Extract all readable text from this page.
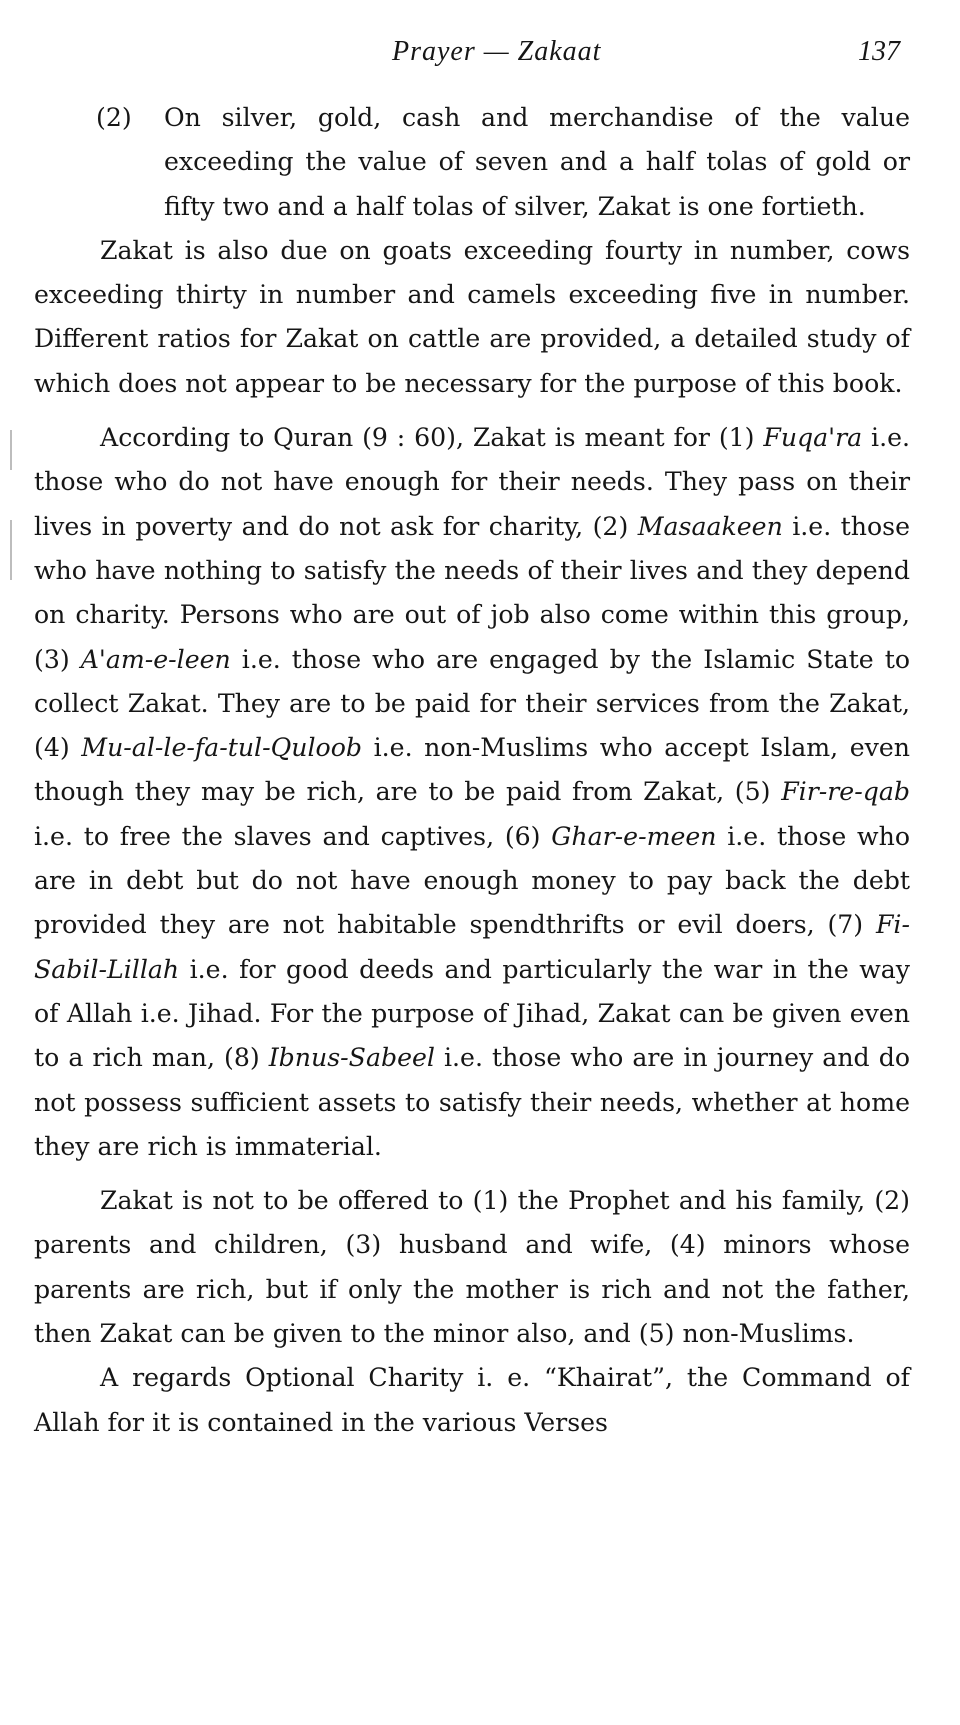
Prayer — Zakaat	137
(2) On silver, gold, cash and merchandise of the value exceeding the value of seven and a half tolas of gold or fifty two and a half tolas of silver, Zakat is one fortieth.

Zakat is also due on goats exceeding fourty in number, cows exceeding thirty in number and camels exceeding five in number. Different ratios for Zakat on cattle are provided, a detailed study of which does not appear to be necessary for the purpose of this book.

According to Quran (9 : 60), Zakat is meant for (1) Fuqa'ra i.e. those who do not have enough for their needs. They pass on their lives in poverty and do not ask for charity, (2) Masaakeen i.e. those who have nothing to satisfy the needs of their lives and they depend on charity. Persons who are out of job also come within this group, (3) A'am-e-leen i.e. those who are engaged by the Islamic State to collect Zakat. They are to be paid for their services from the Zakat, (4) Mu-al-le-fa-tul-Quloob i.e. non-Muslims who accept Islam, even though they may be rich, are to be paid from Zakat, (5) Fir-re-qab i.e. to free the slaves and captives, (6) Ghar-e-meen i.e. those who are in debt but do not have enough money to pay back the debt provided they are not habitable spendthrifts or evil doers, (7) Fi-Sabil-Lillah i.e. for good deeds and particularly the war in the way of Allah i.e. Jihad. For the purpose of Jihad, Zakat can be given even to a rich man, (8) Ibnus-Sabeel i.e. those who are in journey and do not possess sufficient assets to satisfy their needs, whether at home they are rich is immaterial.

Zakat is not to be offered to (1) the Prophet and his family, (2) parents and children, (3) husband and wife, (4) minors whose parents are rich, but if only the mother is rich and not the father, then Zakat can be given to the minor also, and (5) non-Muslims.

A regards Optional Charity i. e. “Khairat”, the Command of Allah for it is contained in the various Verses
